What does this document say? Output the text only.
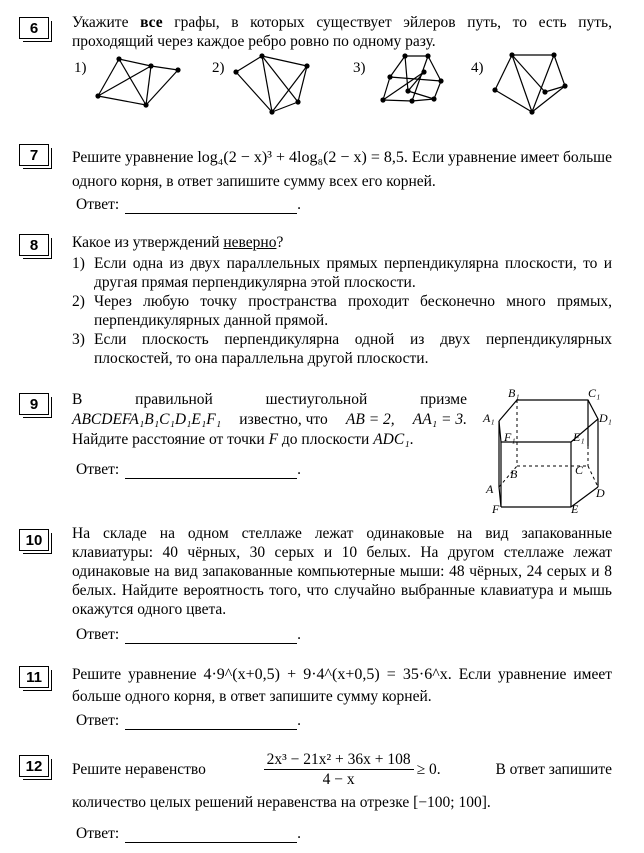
6 Укажите все графы, в которых существует эйлеров путь, то есть путь, проходящий через каждое ребро ровно по одному разу.
1)	2)	3)	4)
7 Решите уравнение log₄(2 − x)³ + 4log₈(2 − x) = 8,5. Если уравнение имеет больше одного корня, в ответ запишите сумму всех его корней.
Ответ:	.
8 Какое из утверждений неверно?
1) Если одна из двух параллельных прямых перпендикулярна плоскости, то и другая прямая перпендикулярна этой плоскости.
2) Через любую точку пространства проходит бесконечно много прямых, перпендикулярных данной прямой.
3) Если плоскость перпендикулярна одной из двух перпендикулярных плоскостей, то она параллельна другой плоскости.
9 В правильной шестиугольной призме
ABCDEFA₁B₁C₁D₁E₁F₁ известно, что AB = 2, AA₁ = 3.
Найдите расстояние от точки F до плоскости ADC₁.
Ответ:	.
B₁	C₁
A₁	D₁
F₁	E₁
B	C
A	D
F	E
10 На складе на одном стеллаже лежат одинаковые на вид запакованные клавиатуры: 40 чёрных, 30 серых и 10 белых. На другом стеллаже лежат одинаковые на вид запакованные компьютерные мыши: 48 чёрных, 24 серых и 8 белых. Найдите вероятность того, что случайно выбранные клавиатура и мышь окажутся одного цвета.
Ответ:	.
11 Решите уравнение 4·9^(x+0,5) + 9·4^(x+0,5) = 35·6^x. Если уравнение имеет больше одного корня, в ответ запишите сумму корней.
Ответ:	.
12 Решите неравенство	$\frac{\text{2x³ − 21x² + 36x + 108}}{4 - x} \ge 0$.	В ответ запишите
количество целых решений неравенства на отрезке [−100; 100].
Ответ:	.
